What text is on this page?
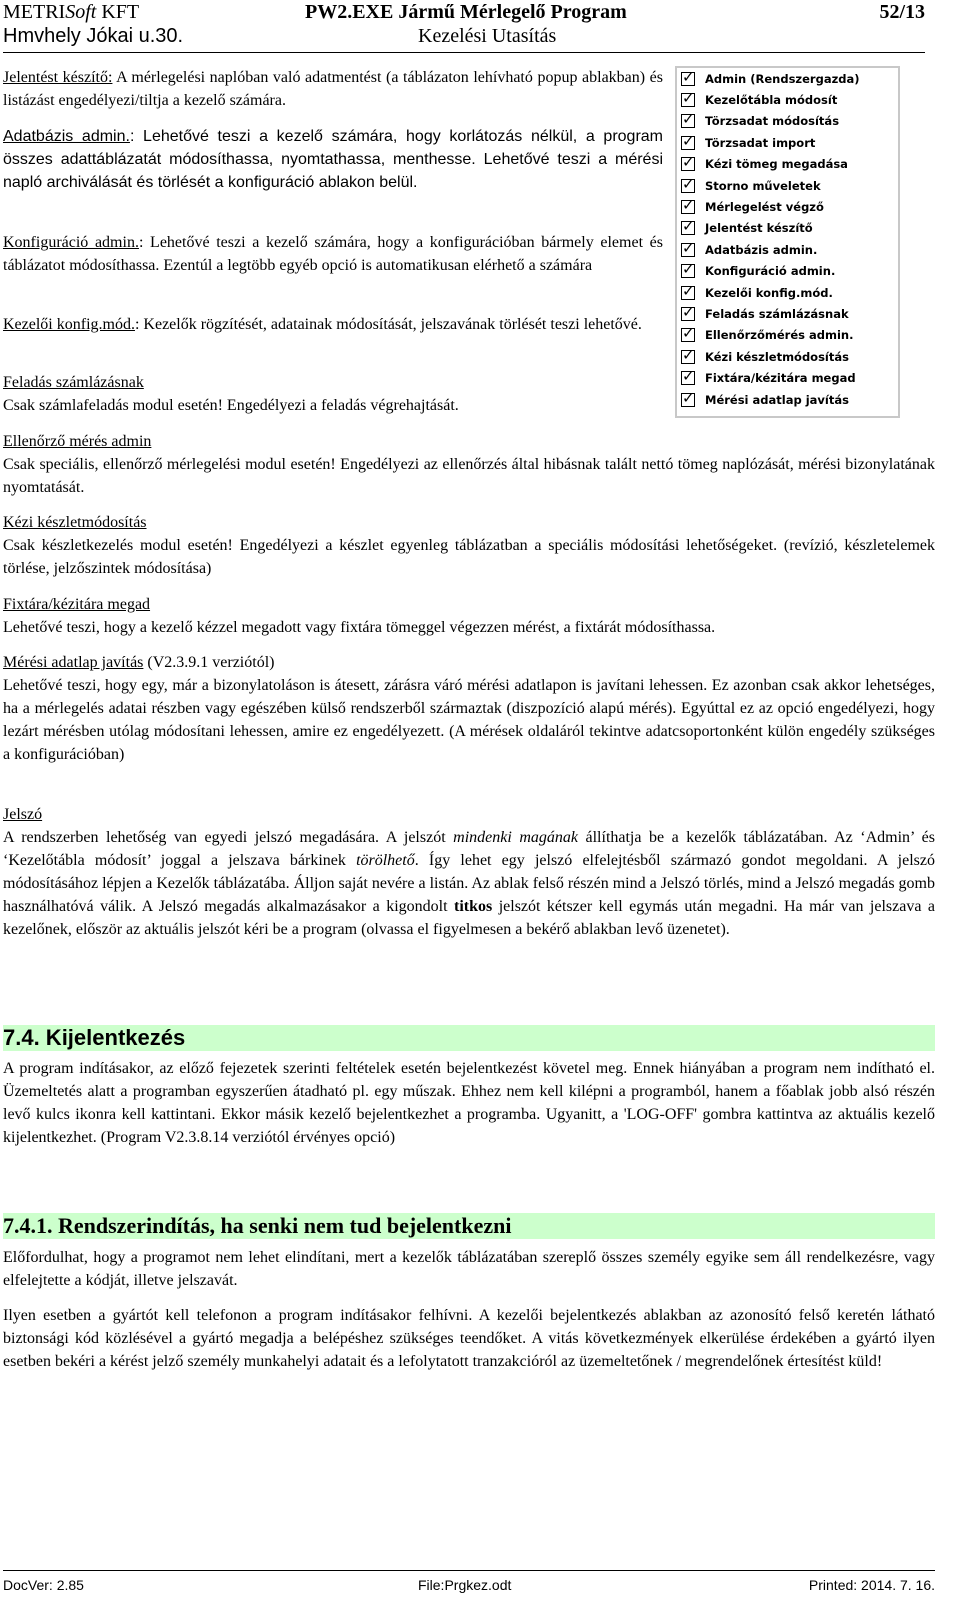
METRISoft KFT
Hmvhely Jókai u.30.
PW2.EXE Jármű Mérlegelő Program
Kezelési Utasítás
52/13
✓
Admin (Rendszergazda)
✓
Kezelőtábla módosít
✓
Törzsadat módosítás
✓
Törzsadat import
✓
Kézi tömeg megadása
✓
Storno műveletek
✓
Mérlegelést végző
✓
Jelentést készítő
✓
Adatbázis admin.
✓
Konfiguráció admin.
✓
Kezelői konfig.mód.
✓
Feladás számlázásnak
✓
Ellenőrzőmérés admin.
✓
Kézi készletmódosítás
✓
Fixtára/kézitára megad
✓
Mérési adatlap javítás

Jelentést készítő: A mérlegelési naplóban való adatmentést (a táblázaton lehívható popup ablakban) és listázást engedélyezi/tiltja a kezelő számára.

Adatbázis admin.: Lehetővé teszi a kezelő számára, hogy korlátozás nélkül, a program összes adattáblázatát módosíthassa, nyomtathassa, menthesse. Lehetővé teszi a mérési napló archiválását és törlését a konfiguráció ablakon belül.

Konfiguráció admin.: Lehetővé teszi a kezelő számára, hogy a konfigurációban bármely elemet és táblázatot módosíthassa. Ezentúl a legtöbb egyéb opció is automatikusan elérhető a számára

Kezelői konfig.mód.: Kezelők rögzítését, adatainak módosítását, jelszavának törlését teszi lehetővé.

Feladás számlázásnak

Csak számlafeladás modul esetén! Engedélyezi a feladás végrehajtását.

Ellenőrző mérés admin

Csak speciális, ellenőrző mérlegelési modul esetén! Engedélyezi az ellenőrzés által hibásnak talált nettó tömeg naplózását, mérési bizonylatának nyomtatását.

Kézi készletmódosítás

Csak készletkezelés modul esetén! Engedélyezi a készlet egyenleg táblázatban a speciális módosítási lehetőségeket. (revízió, készletelemek törlése, jelzőszintek módosítása)

Fixtára/kézitára megad

Lehetővé teszi, hogy a kezelő kézzel megadott vagy fixtára tömeggel végezzen mérést, a fixtárát módosíthassa.

Mérési adatlap javítás (V2.3.9.1 verziótól)

Lehetővé teszi, hogy egy, már a bizonylatoláson is átesett, zárásra váró mérési adatlapon is javítani lehessen. Ez azonban csak akkor lehetséges, ha a mérlegelés adatai részben vagy egészében külső rendszerből származtak (diszpozíció alapú mérés). Egyúttal ez az opció engedélyezi, hogy lezárt mérésben utólag módosítani lehessen, amire ez engedélyezett. (A mérések oldaláról tekintve adatcsoportonként külön engedély szükséges a konfigurációban)

Jelszó

A rendszerben lehetőség van egyedi jelszó megadására. A jelszót mindenki magának állíthatja be a kezelők táblázatában. Az ‘Admin’ és ‘Kezelőtábla módosít’ joggal a jelszava bárkinek törölhető. Így lehet egy jelszó elfelejtésből származó gondot megoldani. A jelszó módosításához lépjen a Kezelők táblázatába. Álljon saját nevére a listán. Az ablak felső részén mind a Jelszó törlés, mind a Jelszó megadás gomb használhatóvá válik. A Jelszó megadás alkalmazásakor a kigondolt titkos jelszót kétszer kell egymás után megadni. Ha már van jelszava a kezelőnek, először az aktuális jelszót kéri be a program (olvassa el figyelmesen a bekérő ablakban levő üzenetet).

7.4. Kijelentkezés

A program indításakor, az előző fejezetek szerinti feltételek esetén bejelentkezést követel meg. Ennek hiányában a program nem indítható el. Üzemeltetés alatt a programban egyszerűen átadható pl. egy műszak. Ehhez nem kell kilépni a programból, hanem a főablak jobb alsó részén levő kulcs ikonra kell kattintani. Ekkor másik kezelő bejelentkezhet a programba. Ugyanitt, a 'LOG-OFF' gombra kattintva az aktuális kezelő kijelentkezhet. (Program V2.3.8.14 verziótól érvényes opció)

7.4.1. Rendszerindítás, ha senki nem tud bejelentkezni

Előfordulhat, hogy a programot nem lehet elindítani, mert a kezelők táblázatában szereplő összes személy egyike sem áll rendelkezésre, vagy elfelejtette a kódját, illetve jelszavát.

Ilyen esetben a gyártót kell telefonon a program indításakor felhívni. A kezelői bejelentkezés ablakban az azonosító felső keretén látható biztonsági kód közlésével a gyártó megadja a belépéshez szükséges teendőket. A vitás következmények elkerülése érdekében a gyártó ilyen esetben bekéri a kérést jelző személy munkahelyi adatait és a lefolytatott tranzakcióról az üzemeltetőnek / megrendelőnek értesítést küld!

DocVer: 2.85	File:Prgkez.odt	Printed: 2014. 7. 16.
